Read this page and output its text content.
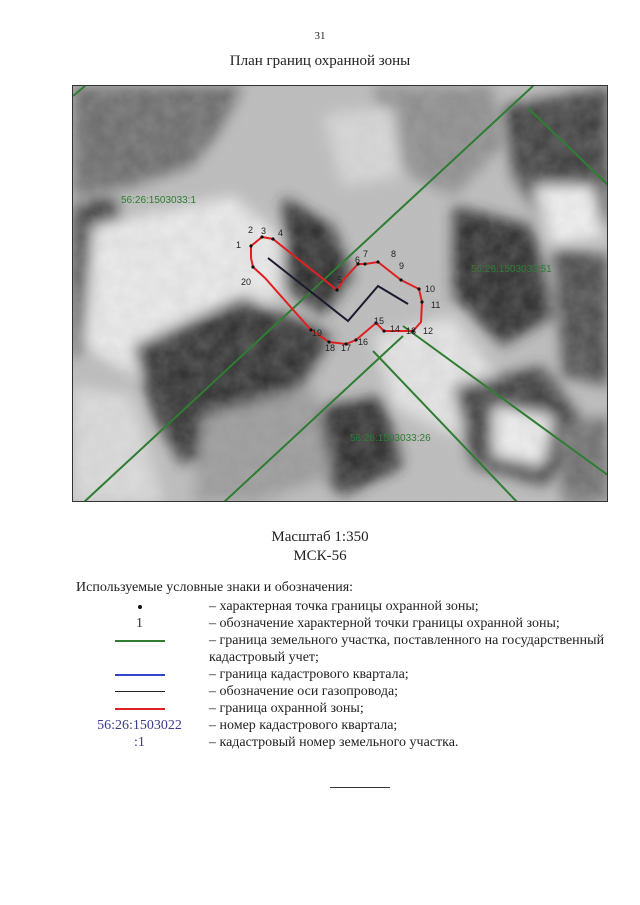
31
План границ охранной зоны
1
2 3 4
5
6
7	8
9
10
11
12
13
14
15
16
17
18
19
20
56:26:1503033:1
56:26:1503033:51
56:26:1503033:26
Масштаб 1:350
МСК-56
Используемые условные знаки и обозначения:
– характерная точка границы охранной зоны;
1	– обозначение характерной точки границы охранной зоны;
– граница земельного участка, поставленного на государственный кадастровый учет;
– граница кадастрового квартала;
– обозначение оси газопровода;
– граница охранной зоны;
56:26:1503022	– номер кадастрового квартала;
:1	– кадастровый номер земельного участка.
